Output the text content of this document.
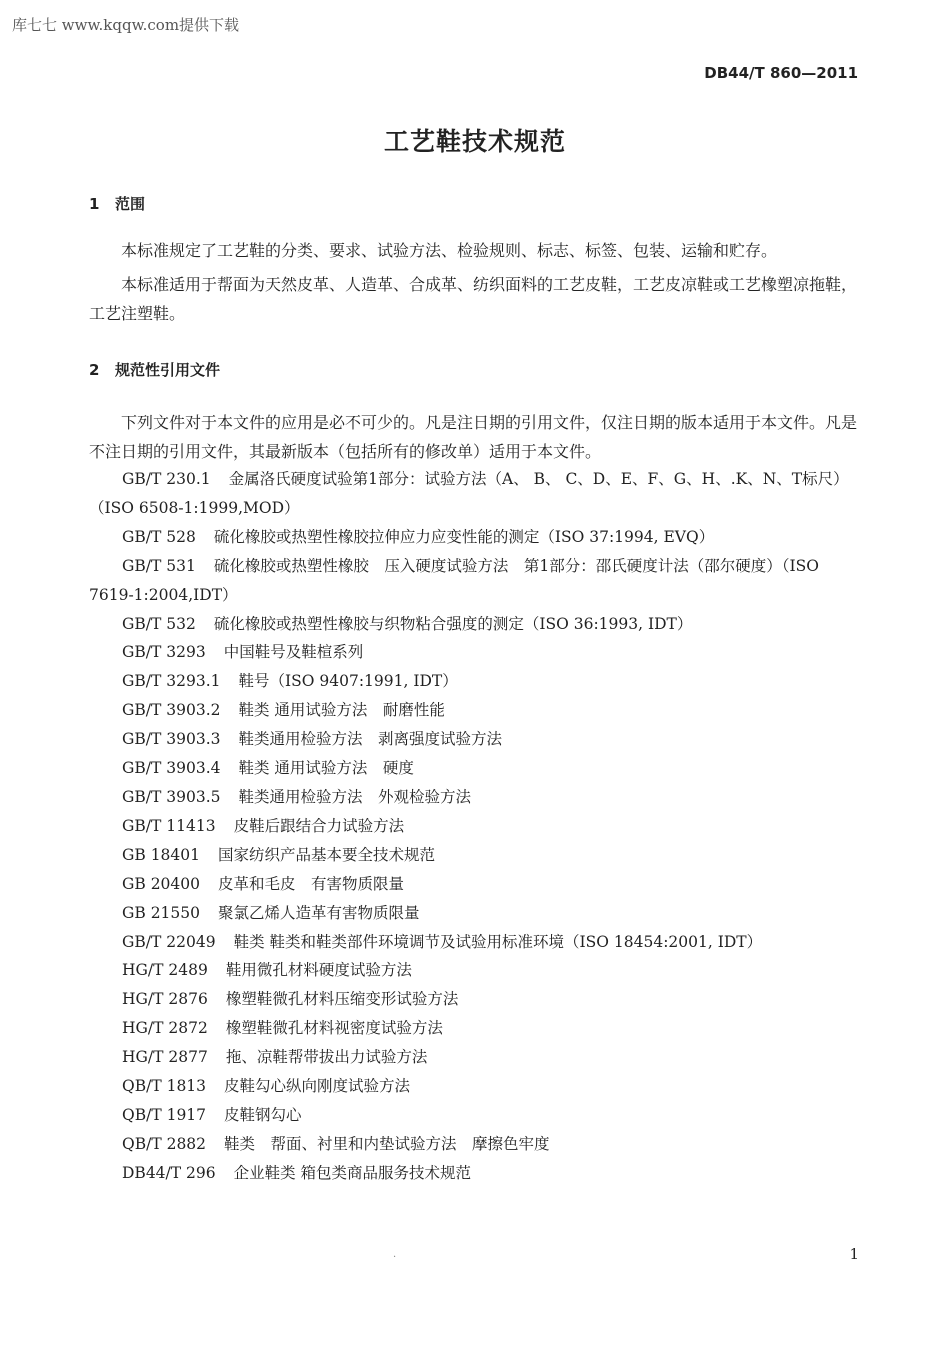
库七七 www.kqqw.com提供下载
DB44/T 860—2011
工艺鞋技术规范
1 范围

本标准规定了工艺鞋的分类、要求、试验方法、检验规则、标志、标签、包装、运输和贮存。

本标准适用于帮面为天然皮革、人造革、合成革、纺织面料的工艺皮鞋，工艺皮凉鞋或工艺橡塑凉拖鞋，工艺注塑鞋。

2 规范性引用文件

下列文件对于本文件的应用是必不可少的。凡是注日期的引用文件，仅注日期的版本适用于本文件。凡是不注日期的引用文件，其最新版本（包括所有的修改单）适用于本文件。

GB/T 230.1 金属洛氏硬度试验第1部分：试验方法（A、 B、 C、D、E、F、G、H、.K、N、T标尺）（ISO 6508-1:1999,MOD）
GB/T 528 硫化橡胶或热塑性橡胶拉伸应力应变性能的测定（ISO 37:1994, EVQ）
GB/T 531 硫化橡胶或热塑性橡胶　压入硬度试验方法　第1部分：邵氏硬度计法（邵尔硬度）（ISO 7619-1:2004,IDT）
GB/T 532 硫化橡胶或热塑性橡胶与织物粘合强度的测定（ISO 36:1993, IDT）
GB/T 3293 中国鞋号及鞋楦系列
GB/T 3293.1 鞋号（ISO 9407:1991, IDT）
GB/T 3903.2 鞋类 通用试验方法　耐磨性能
GB/T 3903.3 鞋类通用检验方法　剥离强度试验方法
GB/T 3903.4 鞋类 通用试验方法　硬度
GB/T 3903.5 鞋类通用检验方法　外观检验方法
GB/T 11413 皮鞋后跟结合力试验方法
GB 18401 国家纺织产品基本要全技术规范
GB 20400 皮革和毛皮　有害物质限量
GB 21550 聚氯乙烯人造革有害物质限量
GB/T 22049 鞋类 鞋类和鞋类部件环境调节及试验用标准环境（ISO 18454:2001, IDT）
HG/T 2489 鞋用微孔材料硬度试验方法
HG/T 2876 橡塑鞋微孔材料压缩变形试验方法
HG/T 2872 橡塑鞋微孔材料视密度试验方法
HG/T 2877 拖、凉鞋帮带拔出力试验方法
QB/T 1813 皮鞋勾心纵向刚度试验方法
QB/T 1917 皮鞋钢勾心
QB/T 2882 鞋类　帮面、衬里和内垫试验方法　摩擦色牢度
DB44/T 296 企业鞋类 箱包类商品服务技术规范
·	1
